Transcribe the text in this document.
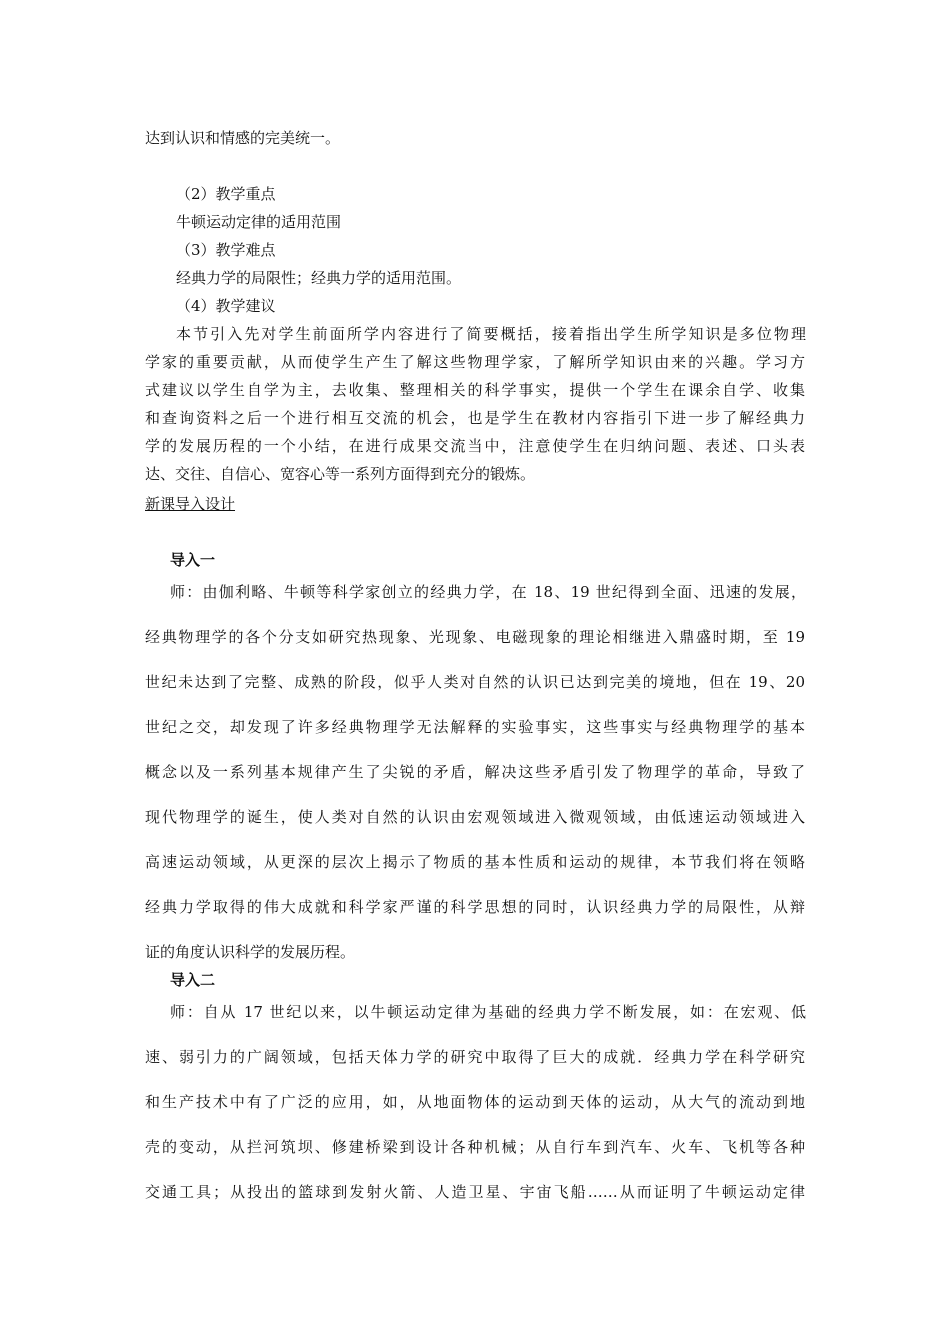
达到认识和情感的完美统一。
（2）教学重点
牛顿运动定律的适用范围
（3）教学难点
经典力学的局限性；经典力学的适用范围。
（4）教学建议
本节引入先对学生前面所学内容进行了简要概括，接着指出学生所学知识是多位物理
学家的重要贡献，从而使学生产生了解这些物理学家，了解所学知识由来的兴趣。学习方
式建议以学生自学为主，去收集、整理相关的科学事实，提供一个学生在课余自学、收集
和查询资料之后一个进行相互交流的机会，也是学生在教材内容指引下进一步了解经典力
学的发展历程的一个小结，在进行成果交流当中，注意使学生在归纳问题、表述、口头表
达、交往、自信心、宽容心等一系列方面得到充分的锻炼。
新课导入设计
导入一
师：由伽利略、牛顿等科学家创立的经典力学，在 18、19 世纪得到全面、迅速的发展，
经典物理学的各个分支如研究热现象、光现象、电磁现象的理论相继进入鼎盛时期，至 19
世纪未达到了完整、成熟的阶段，似乎人类对自然的认识已达到完美的境地，但在 19、20
世纪之交，却发现了许多经典物理学无法解释的实验事实，这些事实与经典物理学的基本
概念以及一系列基本规律产生了尖锐的矛盾，解决这些矛盾引发了物理学的革命，导致了
现代物理学的诞生，使人类对自然的认识由宏观领域进入微观领域，由低速运动领域进入
高速运动领域，从更深的层次上揭示了物质的基本性质和运动的规律，本节我们将在领略
经典力学取得的伟大成就和科学家严谨的科学思想的同时，认识经典力学的局限性，从辩
证的角度认识科学的发展历程。
导入二
师：自从 17 世纪以来，以牛顿运动定律为基础的经典力学不断发展，如：在宏观、低
速、弱引力的广阔领域，包括天体力学的研究中取得了巨大的成就．经典力学在科学研究
和生产技术中有了广泛的应用，如，从地面物体的运动到天体的运动，从大气的流动到地
壳的变动，从拦河筑坝、修建桥梁到设计各种机械；从自行车到汽车、火车、飞机等各种
交通工具；从投出的篮球到发射火箭、人造卫星、宇宙飞船……从而证明了牛顿运动定律
